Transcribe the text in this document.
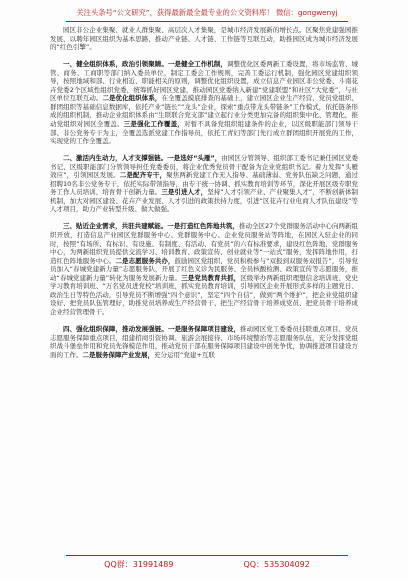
关注头条号“公文研究”，获得最新最全最专业的公文资料库！ 微信：gongwenyj

园区非公企业集聚、就业人群集聚、高层次人才集聚，是城市经济发展新的增长点。区聚焦党建强园推发展，以聘年园区组织为基本思路，推动产业链、人才链、工作链等互联互动，助推园区成为城市经济发展的“红色引擎”。

一、健全组织体系，政治引领聚睛。一是健全工作机制，调整优化区委两新工委设置，将市场监管、城管、商务、工商职等部门纳入委员单位，制定工委会工作规则，完善工委运行机制，强化园区党建组织领导，按照地域和部、行业相近、职能相关的原则，调整优化组织设置，成立信息产业园区非公党委、斗南花卉党委2个区域性组织党委，统筹抓好园区党建，推动园区党委纳入新建“党建联盟”和社区“大党委”，与社区单位互联互动。二是优化组织体系，在全覆盖摸底排查的基础上，建立园区企业生产经营、党员党组织、群团组织等基础信息数据库，依托产业“链长”“龙头”企业，探索“重点带龙头带链条”工作模式，依托链条形成的组织机制，推动企业组织体系由“生联联合党支部”建立起行业分类更加完备的组织集中化、管理化，推动党组织对园区全覆盖。三是强化工作覆盖，对暂不具备党组织组建条件的企业，以区级职能部门领导干部、非公党务专干为主，全覆盖选派党建工作指导员，依托工青妇等部门先行成立群团组织开展党的工作，实现党的工作全覆盖。

二、激活内生动力，人才支撑强链。一是选好“头雁”，由园区分管领导、组织部工委书记兼任园区党委书记、区级职能部门分管领导担任党委委员，将企业优秀党员骨干配备为企业党组织书记。着力发挥“头雁效应”，引领园区发展。二是配齐专干，聚焦两新党建工作无人指导、基础薄弱、党务队伍缺乏问题，通过招聘10名非公党务专干，依托实际带领指导，由专干统一协调、抓实教育培训等环节，深化开展区级专职党务工作人员培训，培育骨干创新力量。三是引进人才，坚持“人才引领产业、产业聚集人才”，不断创新体制机制，加大对园区建设、花卉产业发展、人才引进的政策扶持力度，引进“区花卉行业电商人才队伍建设”等人才项目，助力产业转型升级、做大做强。

三、贴近企业需求，共驻共建赋能。一是打造红色阵地共筑，推动全区27个党群服务活动中心向两新组织开放，打造信息产业园区党群服务中心、党群服务中心、企业党员服务站等阵地，在园区入驻企业的同时，按照“有场所、有标识、有设施、有制度、有活动、有党员”的六有标准要求，建设红色阵地、党群服务中心，为两新组织党员提供交流学习、培训教育、政策宣传、创业就业等“一站式”服务，发挥阵地作用，打造红色阵地服务中心。二是志愿服务共办，鼓励园区党组织、党员积极参与“双报到双服务双报告”，引导党员加入“春城党建新力量”志愿服务队，开展了红色义诊为民服务、全员核酸检测、政策宣传等志愿服务，推动“春城党建新力量”转化为服务发展新力量。三是党员教育共抓，区级举办两新组织理想信念培训班、党史学习教育培训班、“万名党员进党校”培训班，抓实党员教育培训，引导园区企业开展形式多样的主题党日、政治生日等特色活动，引导党员不断增强“四个意识”，坚定“四个自信”，做到“两个维护”，把企业党组织建设好、把党员队伍管理好，助推党员培养成生产经营骨干、把生产经营骨干培养成党员、把党员骨干培养成企业经营管理骨干。

四、强化组织保障，推动发展强链。一是服务保障项目建设，推动园区党工委委员挂联重点项目、党员志愿服务保障重点项目，组建招商引资协调、旅游会展接待、市场环境整治等志愿服务队伍，充分发挥党组织战斗堡垒作用和党员先锋模范作用，推动党员干部在服务保障项目建设中创先争优，协调推进项目建设方面的工作。二是服务保障产业发展，充分运用“党建+互联

QQ群：31991489	QQ：535304092
